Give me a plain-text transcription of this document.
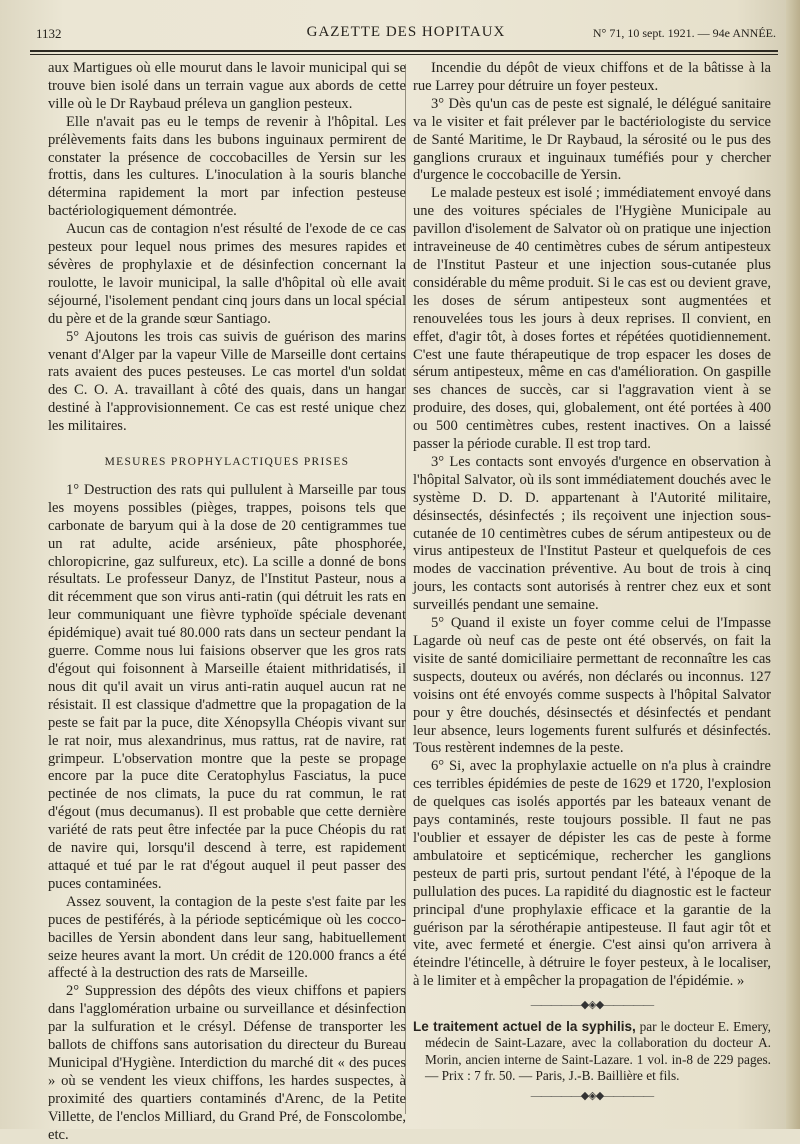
1132	GAZETTE DES HOPITAUX	N° 71, 10 sept. 1921. — 94e ANNÉE.

aux Martigues où elle mourut dans le lavoir municipal qui se trouve bien isolé dans un terrain vague aux abords de cette ville où le Dr Raybaud préleva un ganglion pesteux.

Elle n'avait pas eu le temps de revenir à l'hôpital. Les prélèvements faits dans les bubons inguinaux permirent de constater la présence de coccobacilles de Yersin sur les frottis, dans les cultures. L'inoculation à la souris blanche détermina rapidement la mort par infection pesteuse bactériologiquement démontrée.

Aucun cas de contagion n'est résulté de l'exode de ce cas pesteux pour lequel nous primes des mesures rapides et sévères de prophylaxie et de désinfection concernant la roulotte, le lavoir municipal, la salle d'hôpital où elle avait séjourné, l'isolement pendant cinq jours dans un local spécial du père et de la grande sœur Santiago.

5° Ajoutons les trois cas suivis de guérison des marins venant d'Alger par la vapeur Ville de Marseille dont certains rats avaient des puces pesteuses. Le cas mortel d'un soldat des C. O. A. travaillant à côté des quais, dans un hangar destiné à l'approvisionnement. Ce cas est resté unique chez les militaires.

MESURES PROPHYLACTIQUES PRISES

1° Destruction des rats qui pullulent à Marseille par tous les moyens possibles (pièges, trappes, poisons tels que carbonate de baryum qui à la dose de 20 centigrammes tue un rat adulte, acide arsénieux, pâte phosphorée, chloropicrine, gaz sulfureux, etc). La scille a donné de bons résultats. Le professeur Danyz, de l'Institut Pasteur, nous a dit récemment que son virus anti-ratin (qui détruit les rats en leur communiquant une fièvre typhoïde spéciale devenant épidémique) avait tué 80.000 rats dans un secteur pendant la guerre. Comme nous lui faisions observer que les gros rats d'égout qui foisonnent à Marseille étaient mithridatisés, il nous dit qu'il avait un virus anti-ratin auquel aucun rat ne résistait. Il est classique d'admettre que la propagation de la peste se fait par la puce, dite Xénopsylla Chéopis vivant sur le rat noir, mus alexandrinus, mus rattus, rat de navire, rat grimpeur. L'observation montre que la peste se propage encore par la puce dite Ceratophylus Fasciatus, la puce pectinée de nos climats, la puce du rat commun, le rat d'égout (mus decumanus). Il est probable que cette dernière variété de rats peut être infectée par la puce Chéopis du rat de navire qui, lorsqu'il descend à terre, est rapidement attaqué et tué par le rat d'égout auquel il peut passer des puces contaminées.

Assez souvent, la contagion de la peste s'est faite par les puces de pestiférés, à la période septicémique où les cocco-bacilles de Yersin abondent dans leur sang, habituellement seize heures avant la mort. Un crédit de 120.000 francs a été affecté à la destruction des rats de Marseille.

2° Suppression des dépôts des vieux chiffons et papiers dans l'agglomération urbaine ou surveillance et désinfection par la sulfuration et le crésyl. Défense de transporter les ballots de chiffons sans autorisation du directeur du Bureau Municipal d'Hygiène. Interdiction du marché dit « des puces » où se vendent les vieux chiffons, les hardes suspectes, à proximité des quartiers contaminés d'Arenc, de la Petite Villette, de l'enclos Milliard, du Grand Pré, de Fonscolombe, etc.

Incendie du dépôt de vieux chiffons et de la bâtisse à la rue Larrey pour détruire un foyer pesteux.

3° Dès qu'un cas de peste est signalé, le délégué sanitaire va le visiter et fait prélever par le bactériologiste du service de Santé Maritime, le Dr Raybaud, la sérosité ou le pus des ganglions cruraux et inguinaux tuméfiés pour y chercher d'urgence le coccobacille de Yersin.

Le malade pesteux est isolé ; immédiatement envoyé dans une des voitures spéciales de l'Hygiène Municipale au pavillon d'isolement de Salvator où on pratique une injection intraveineuse de 40 centimètres cubes de sérum antipesteux de l'Institut Pasteur et une injection sous-cutanée plus considérable du même produit. Si le cas est ou devient grave, les doses de sérum antipesteux sont augmentées et renouvelées tous les jours à deux reprises. Il convient, en effet, d'agir tôt, à doses fortes et répétées quotidiennement. C'est une faute thérapeutique de trop espacer les doses de sérum antipesteux, même en cas d'amélioration. On gaspille ses chances de succès, car si l'aggravation vient à se produire, des doses, qui, globalement, ont été portées à 400 ou 500 centimètres cubes, restent inactives. On a laissé passer la période curable. Il est trop tard.

3° Les contacts sont envoyés d'urgence en observation à l'hôpital Salvator, où ils sont immédiatement douchés avec le système D. D. D. appartenant à l'Autorité militaire, désinsectés, désinfectés ; ils reçoivent une injection sous-cutanée de 10 centimètres cubes de sérum antipesteux ou de virus antipesteux de l'Institut Pasteur et quelquefois de ces modes de vaccination préventive. Au bout de trois à cinq jours, les contacts sont autorisés à rentrer chez eux et sont surveillés pendant une semaine.

5° Quand il existe un foyer comme celui de l'Impasse Lagarde où neuf cas de peste ont été observés, on fait la visite de santé domiciliaire permettant de reconnaître les cas suspects, douteux ou avérés, non déclarés ou inconnus. 127 voisins ont été envoyés comme suspects à l'hôpital Salvator pour y être douchés, désinsectés et désinfectés et pendant leur absence, leurs logements furent sulfurés et désinfectés. Tous restèrent indemnes de la peste.

6° Si, avec la prophylaxie actuelle on n'a plus à craindre ces terribles épidémies de peste de 1629 et 1720, l'explosion de quelques cas isolés apportés par les bateaux venant de pays contaminés, reste toujours possible. Il faut ne pas l'oublier et essayer de dépister les cas de peste à forme ambulatoire et septicémique, rechercher les ganglions pesteux de parti pris, surtout pendant l'été, à l'époque de la pullulation des puces. La rapidité du diagnostic est le facteur principal d'une prophylaxie efficace et la garantie de la guérison par la sérothérapie antipesteuse. Il faut agir tôt et vite, avec fermeté et énergie. C'est ainsi qu'on arrivera à éteindre l'étincelle, à détruire le foyer pesteux, à le localiser, à le limiter et à empêcher la propagation de l'épidémie. »

—————◆◈◆—————

Le traitement actuel de la syphilis, par le docteur E. Emery, médecin de Saint-Lazare, avec la collaboration du docteur A. Morin, ancien interne de Saint-Lazare. 1 vol. in-8 de 229 pages. — Prix : 7 fr. 50. — Paris, J.-B. Baillière et fils.

—————◆◈◆—————
